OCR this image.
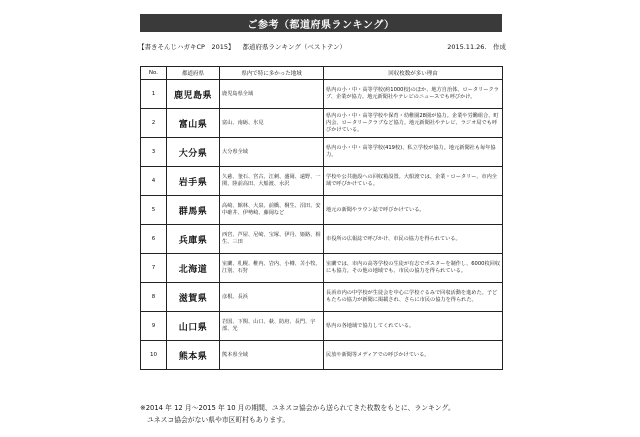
ご参考（都道府県ランキング）
【書きそんじハガキCP　2015】 都道府県ランキング（ベストテン）	2015.11.26.　作成
No.	都道府県	県内で特に多かった地域	回収枚数が多い理由
1	鹿児島県	鹿児島県全域	県内の小・中・高等学校(約1000校)のほか、地方自治体、ロータリークラブ、企業が協力。地元新聞社やテレビのニュースでも呼びかけ。
2	富山県	富山、南砺、氷見	県内の小・中・高等学校や保育・幼稚園28園が協力。企業や労働組合、町内会、ロータリークラブなど協力。地元新聞社やテレビ、ラジオ局でも呼びかけている。
3	大分県	大分県全域	県内の小・中・高等学校(419校)、私立学校が協力。地元新聞社も毎年協力。
4	岩手県	久慈、釜石、宮古、江刺、盛岡、遠野、一関、陸前高田、大船渡、水沢	学校や公共施設への回収箱設置。大船渡では、企業・ロータリー、市内全域で呼びかけている。
5	群馬県	高崎、館林、大泉、前橋、桐生、沼田、安中碓井、伊勢崎、藤岡など	地元の新聞やラウン誌で呼びかけている。
6	兵庫県	西宮、芦屋、尼崎、宝塚、伊丹、姫路、相生、三田	市役所の広報誌で呼びかけ、市民の協力を得られている。
7	北海道	室蘭、札幌、稚内、岩内、小樽、苫小牧、江別、石狩	室蘭では、市内の高等学校の生徒が有志でポスターを制作し、6000枚回収にも協力。その他の地域でも、市民の協力を得られている。
8	滋賀県	彦根、長浜	長浜市内の中学校が生徒会を中心に学校ぐるみで回収活動を進めた。子どもたちの協力が新聞に掲載され、さらに市民の協力を得られた。
9	山口県	岩国、下関、山口、萩、防府、長門、宇部、光	県内の各地域で協力してくれている。
10	熊本県	熊本県全域	民放や新聞等メディアでの呼びかけている。
※2014 年 12 月～2015 年 10 月の期間、ユネスコ協会から送られてきた枚数をもとに、ランキング。
ユネスコ協会がない県や市区町村もあります。
